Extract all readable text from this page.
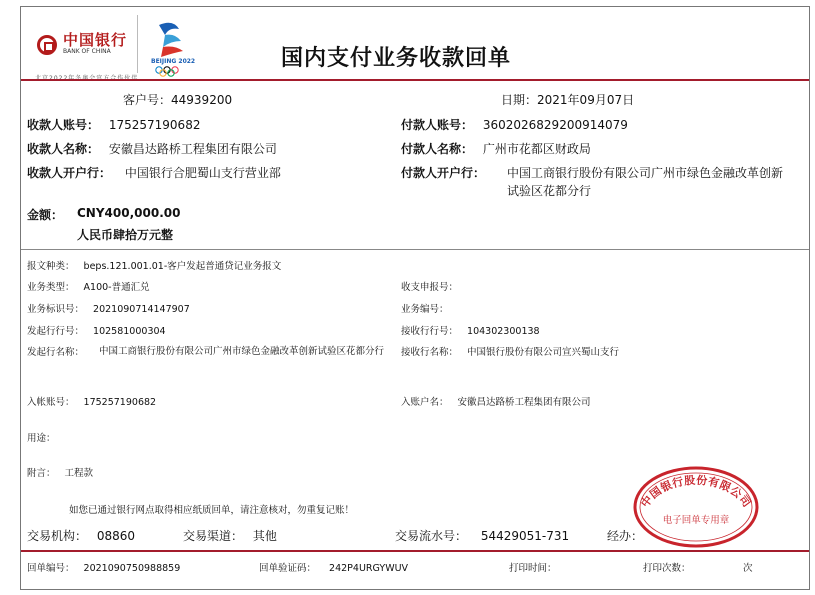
中国银行
BANK OF CHINA
BEIJING 2022	国内支付业务收款回单
客户号：44939200	日期：2021年09月07日
收款人账号： 175257190682	付款人账号： 3602026829200914079
收款人名称： 安徽昌达路桥工程集团有限公司	付款人名称： 广州市花都区财政局
收款人开户行： 中国银行合肥蜀山支行营业部	付款人开户行： 中国工商银行股份有限公司广州市绿色金融改革创新试验区花都分行
金额： CNY400,000.00
人民币肆拾万元整
报文种类： beps.121.001.01-客户发起普通贷记业务报文
业务类型： A100-普通汇兑	收支申报号：
业务标识号： 2021090714147907	业务编号：
发起行行号： 102581000304	接收行行号： 104302300138
发起行名称： 中国工商银行股份有限公司广州市绿色金融改革创新试验区花都分行	接收行名称： 中国银行股份有限公司宣兴蜀山支行
入帐账号： 175257190682	入账户名： 安徽昌达路桥工程集团有限公司
用途：
附言： 工程款
如您已通过银行网点取得相应纸质回单，请注意核对，勿重复记账！
交易机构： 08860	交易渠道： 其他	交易流水号： 54429051-731	经办：
回单编号： 2021090750988859	回单验证码： 242P4URGYWUV	打印时间：	打印次数：	次
中国银行股份有限公司
电子回单专用章
